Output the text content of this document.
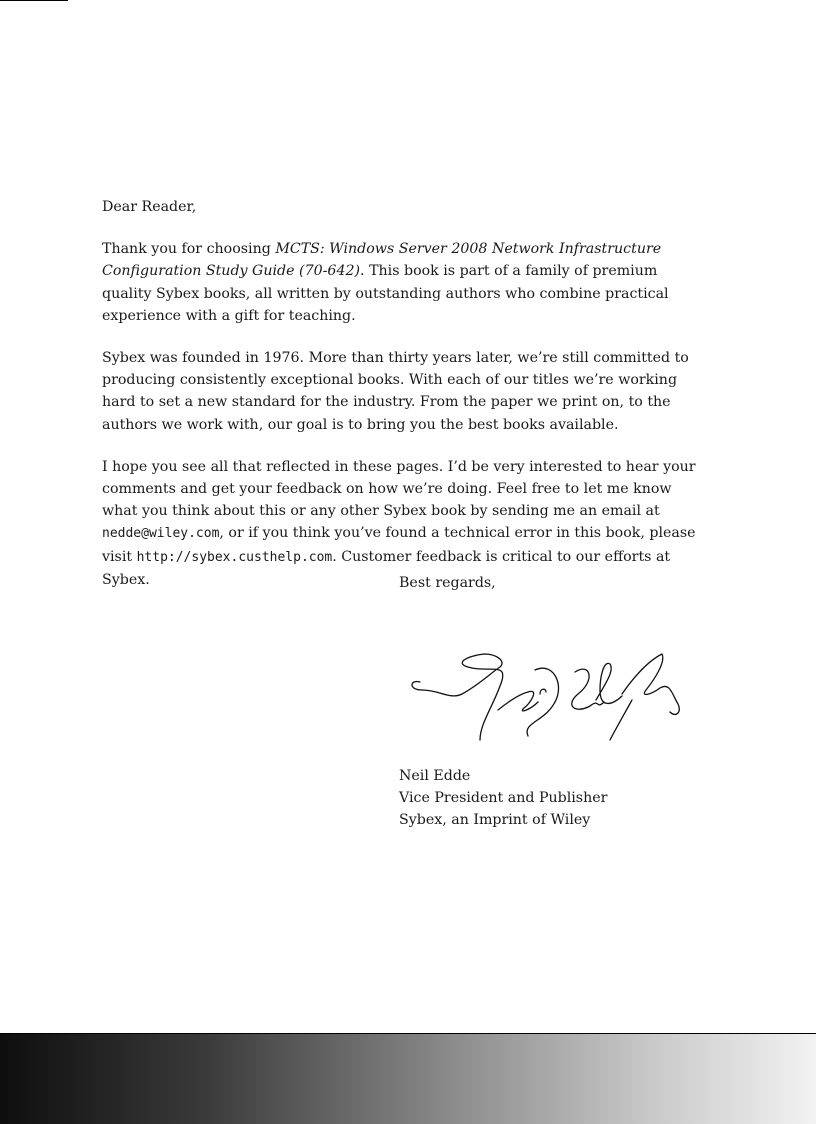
Dear Reader,

Thank you for choosing MCTS: Windows Server 2008 Network Infrastructure Configuration Study Guide (70-642). This book is part of a family of premium quality Sybex books, all written by outstanding authors who combine practical experience with a gift for teaching.

Sybex was founded in 1976. More than thirty years later, we’re still committed to producing consistently exceptional books. With each of our titles we’re working hard to set a new standard for the industry. From the paper we print on, to the authors we work with, our goal is to bring you the best books available.

I hope you see all that reflected in these pages. I’d be very interested to hear your comments and get your feedback on how we’re doing. Feel free to let me know what you think about this or any other Sybex book by sending me an email at nedde@wiley.com, or if you think you’ve found a technical error in this book, please visit http://sybex.custhelp.com. Customer feedback is critical to our efforts at Sybex.	Best regards,
Neil Edde
Vice President and Publisher
Sybex, an Imprint of Wiley
